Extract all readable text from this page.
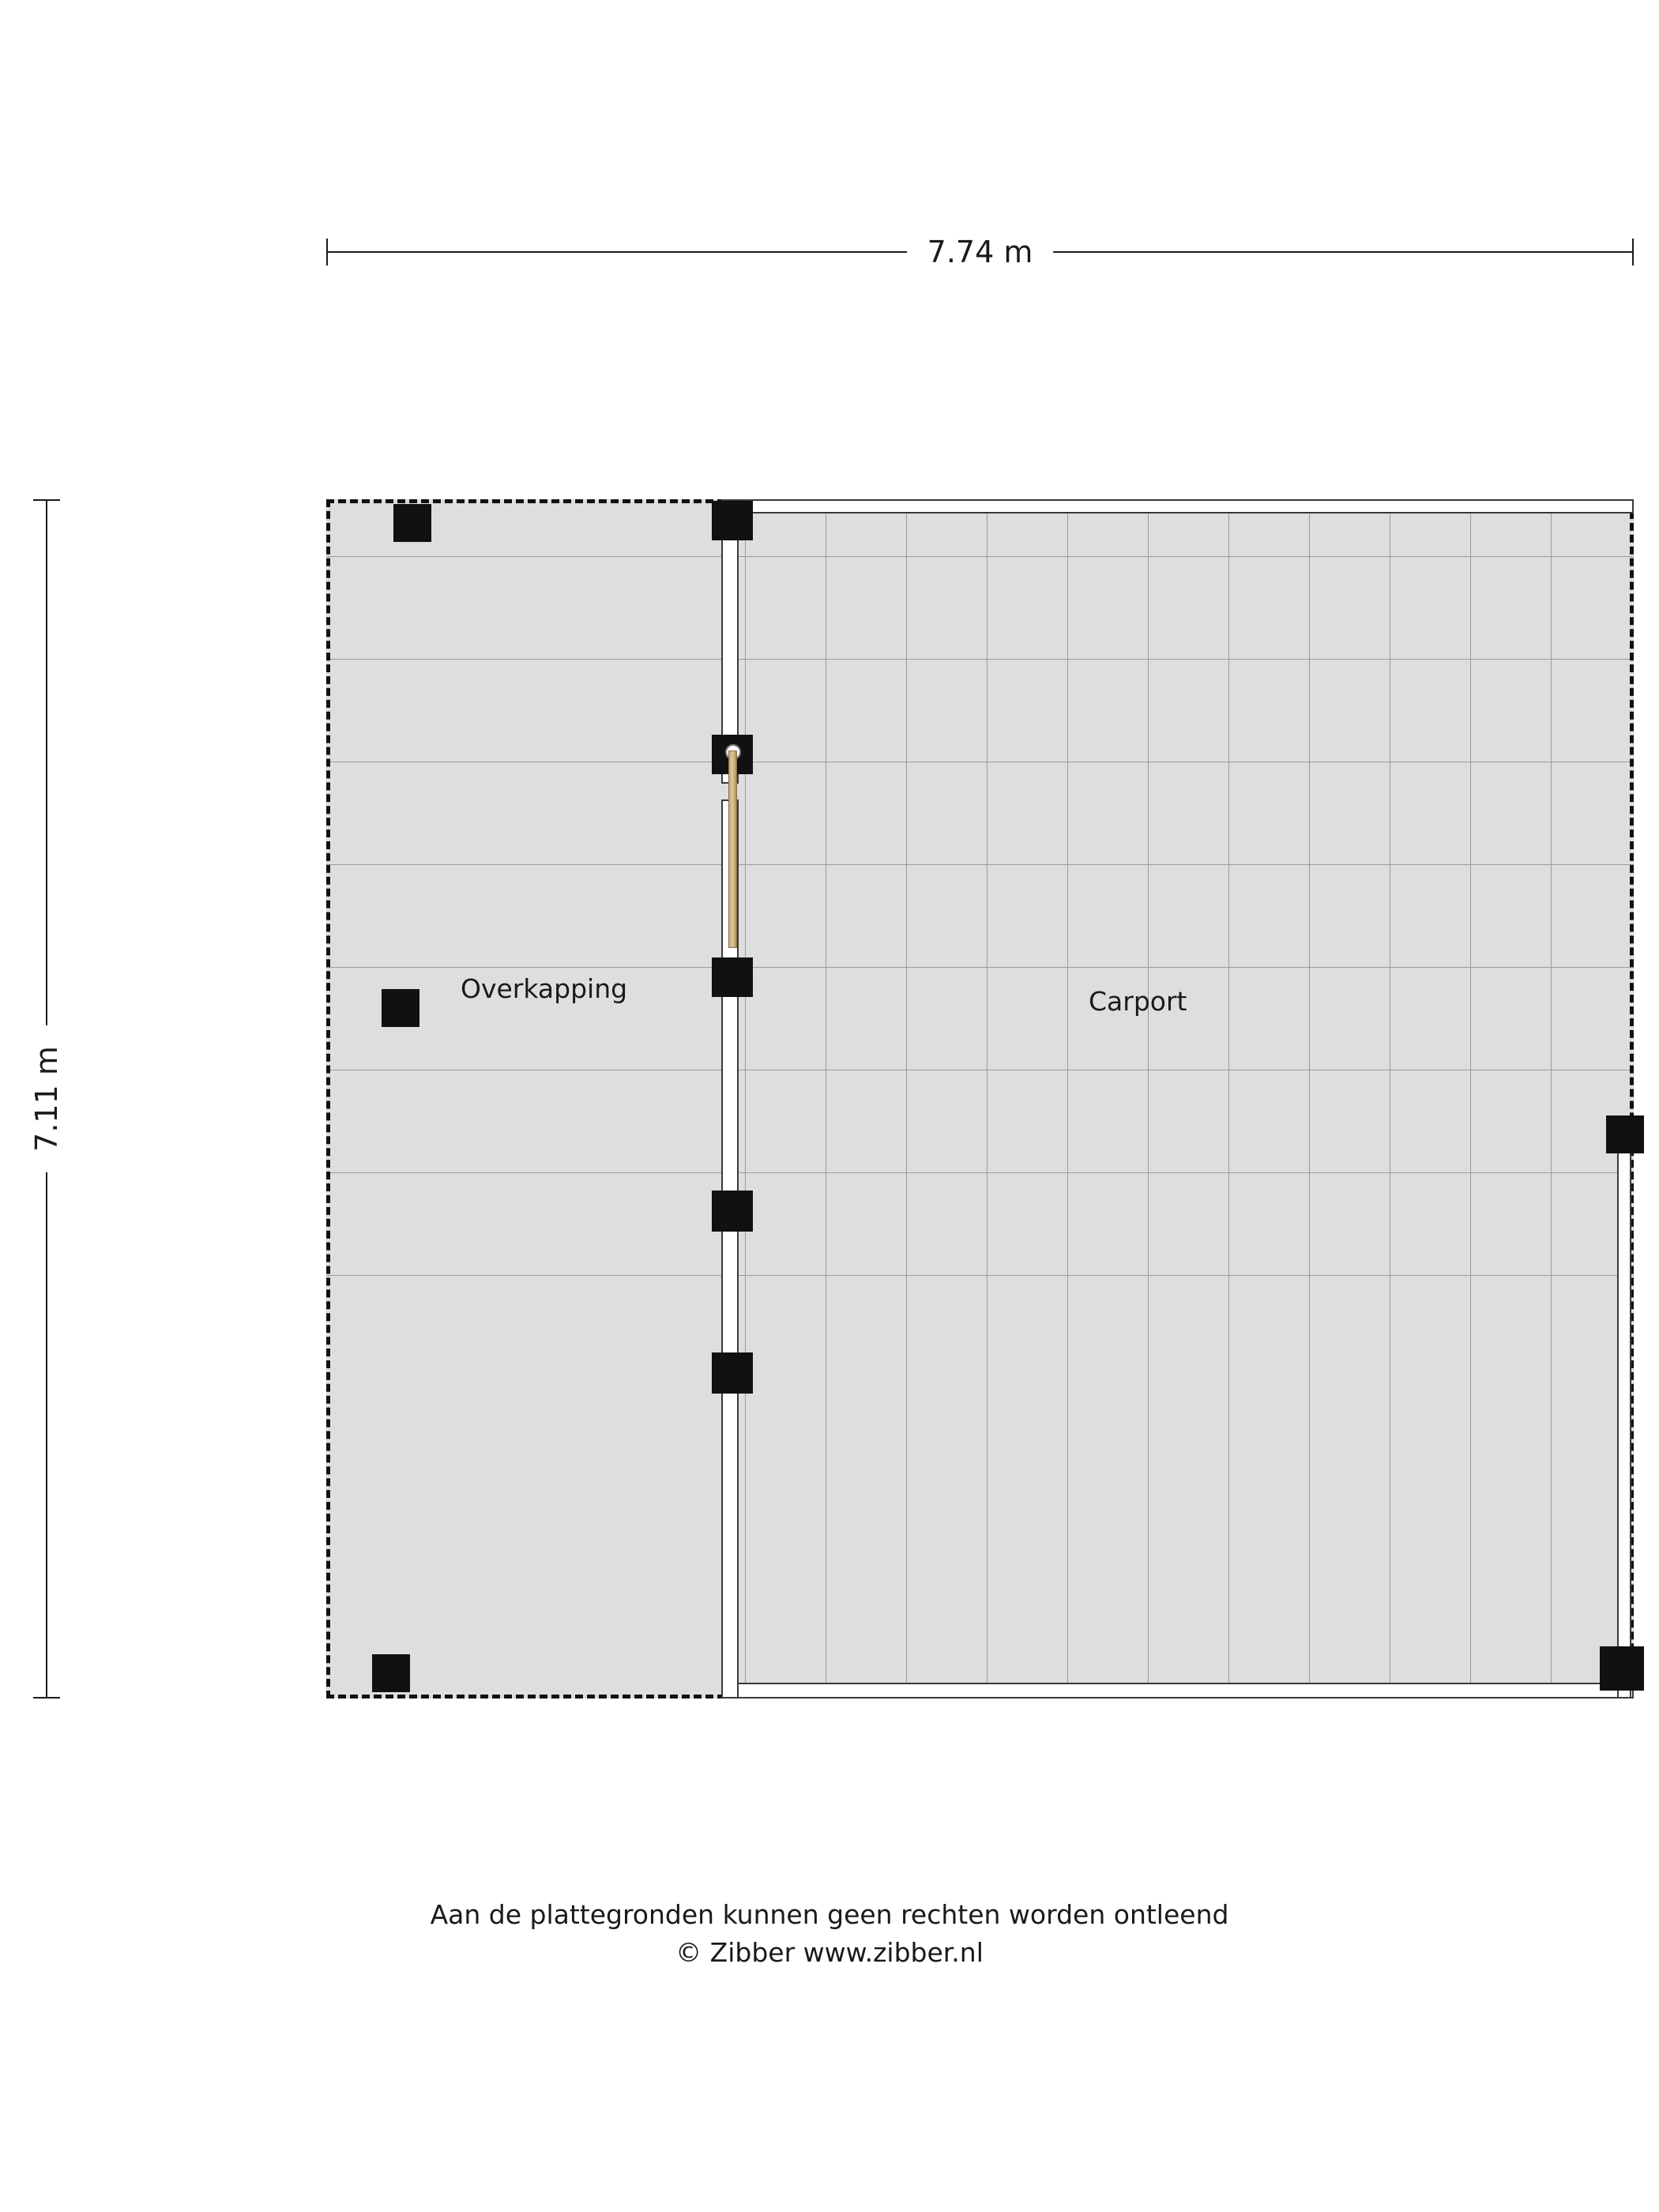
7.74 m
7.11 m
Overkapping	Carport
Aan de plattegronden kunnen geen rechten worden ontleend
© Zibber www.zibber.nl
